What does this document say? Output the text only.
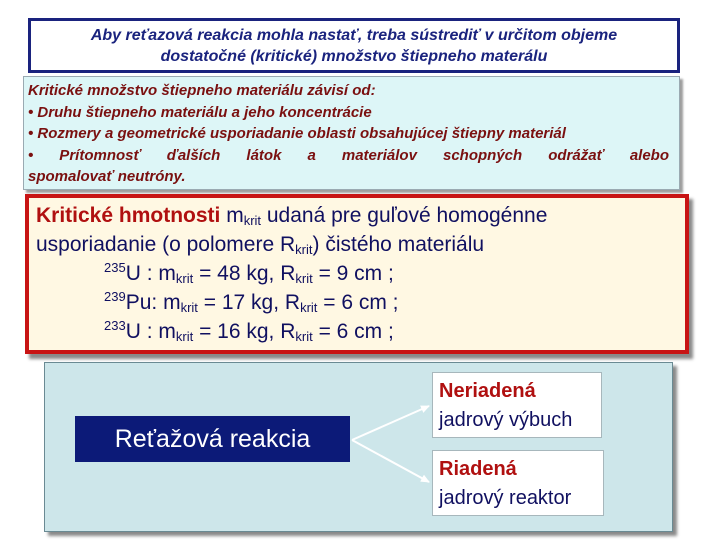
Aby reťazová reakcia mohla nastať, treba sústrediť v určitom objeme
dostatočné (kritické) množstvo štiepneho materálu
Kritické množstvo štiepneho materiálu závisí od:
• Druhu štiepneho materiálu a jeho koncentrácie
• Rozmery a geometrické usporiadanie oblasti obsahujúcej štiepny materiál
• Prítomnosť ďalších látok a materiálov schopných odrážať alebo
spomalovať neutróny.
Kritické hmotnosti $m_{krit}$ udaná pre guľové homogénne
usporiadanie (o polomere $R_{krit}$) čistého materiálu
$^{235}$U : $m_{krit} = 48$ kg, $R_{krit} = 9$ cm ;
$^{239}$Pu: $m_{krit} = 17$ kg, $R_{krit} = 6$ cm ;
$^{233}$U : $m_{krit} = 16$ kg, $R_{krit} = 6$ cm ;
Reťažová reakcia
Neriadená
jadrový výbuch
Riadená
jadrový reaktor
